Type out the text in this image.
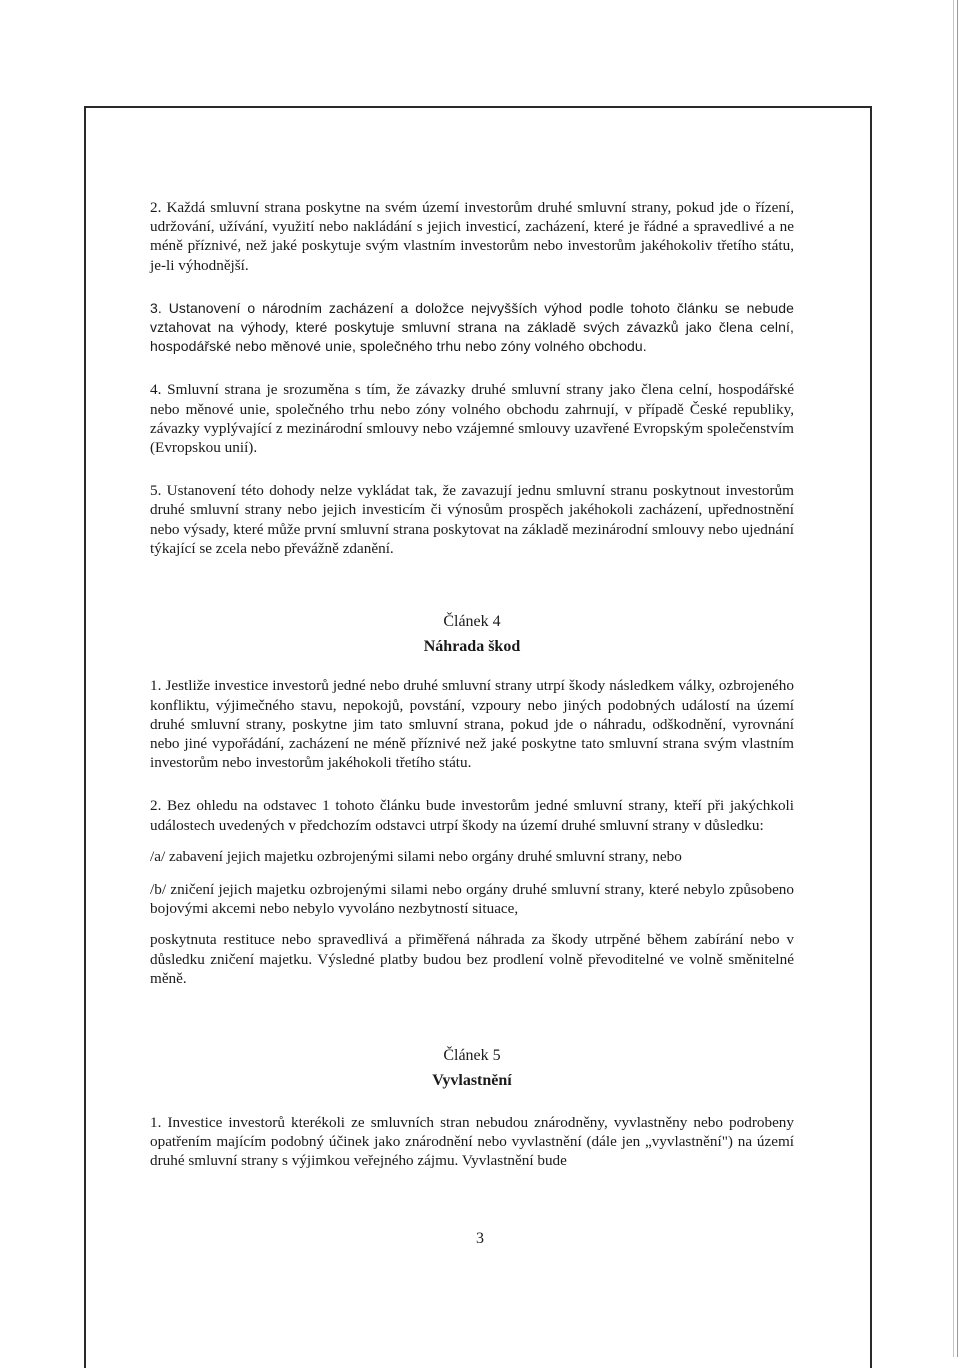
2. Každá smluvní strana poskytne na svém území investorům druhé smluvní strany, pokud jde o řízení, udržování, užívání, využití nebo nakládání s jejich investicí, zacházení, které je řádné a spravedlivé a ne méně příznivé, než jaké poskytuje svým vlastním investorům nebo investorům jakéhokoliv třetího státu, je-li výhodnější.

3. Ustanovení o národním zacházení a doložce nejvyšších výhod podle tohoto článku se nebude vztahovat na výhody, které poskytuje smluvní strana na základě svých závazků jako člena celní, hospodářské nebo měnové unie, společného trhu nebo zóny volného obchodu.

4. Smluvní strana je srozuměna s tím, že závazky druhé smluvní strany jako člena celní, hospodářské nebo měnové unie, společného trhu nebo zóny volného obchodu zahrnují, v případě České republiky, závazky vyplývající z mezinárodní smlouvy nebo vzájemné smlouvy uzavřené Evropským společenstvím (Evropskou unií).

5. Ustanovení této dohody nelze vykládat tak, že zavazují jednu smluvní stranu poskytnout investorům druhé smluvní strany nebo jejich investicím či výnosům prospěch jakéhokoli zacházení, upřednostnění nebo výsady, které může první smluvní strana poskytovat na základě mezinárodní smlouvy nebo ujednání týkající se zcela nebo převážně zdanění.

Článek 4

Náhrada škod

1. Jestliže investice investorů jedné nebo druhé smluvní strany utrpí škody následkem války, ozbrojeného konfliktu, výjimečného stavu, nepokojů, povstání, vzpoury nebo jiných podobných událostí na území druhé smluvní strany, poskytne jim tato smluvní strana, pokud jde o náhradu, odškodnění, vyrovnání nebo jiné vypořádání, zacházení ne méně příznivé než jaké poskytne tato smluvní strana svým vlastním investorům nebo investorům jakéhokoli třetího státu.

2. Bez ohledu na odstavec 1 tohoto článku bude investorům jedné smluvní strany, kteří při jakýchkoli událostech uvedených v předchozím odstavci utrpí škody na území druhé smluvní strany v důsledku:

/a/ zabavení jejich majetku ozbrojenými silami nebo orgány druhé smluvní strany, nebo

/b/ zničení jejich majetku ozbrojenými silami nebo orgány druhé smluvní strany, které nebylo způsobeno bojovými akcemi nebo nebylo vyvoláno nezbytností situace,

poskytnuta restituce nebo spravedlivá a přiměřená náhrada za škody utrpěné během zabírání nebo v důsledku zničení majetku. Výsledné platby budou bez prodlení volně převoditelné ve volně směnitelné měně.

Článek 5

Vyvlastnění

1. Investice investorů kterékoli ze smluvních stran nebudou znárodněny, vyvlastněny nebo podrobeny opatřením majícím podobný účinek jako znárodnění nebo vyvlastnění (dále jen „vyvlastnění") na území druhé smluvní strany s výjimkou veřejného zájmu. Vyvlastnění bude

3
